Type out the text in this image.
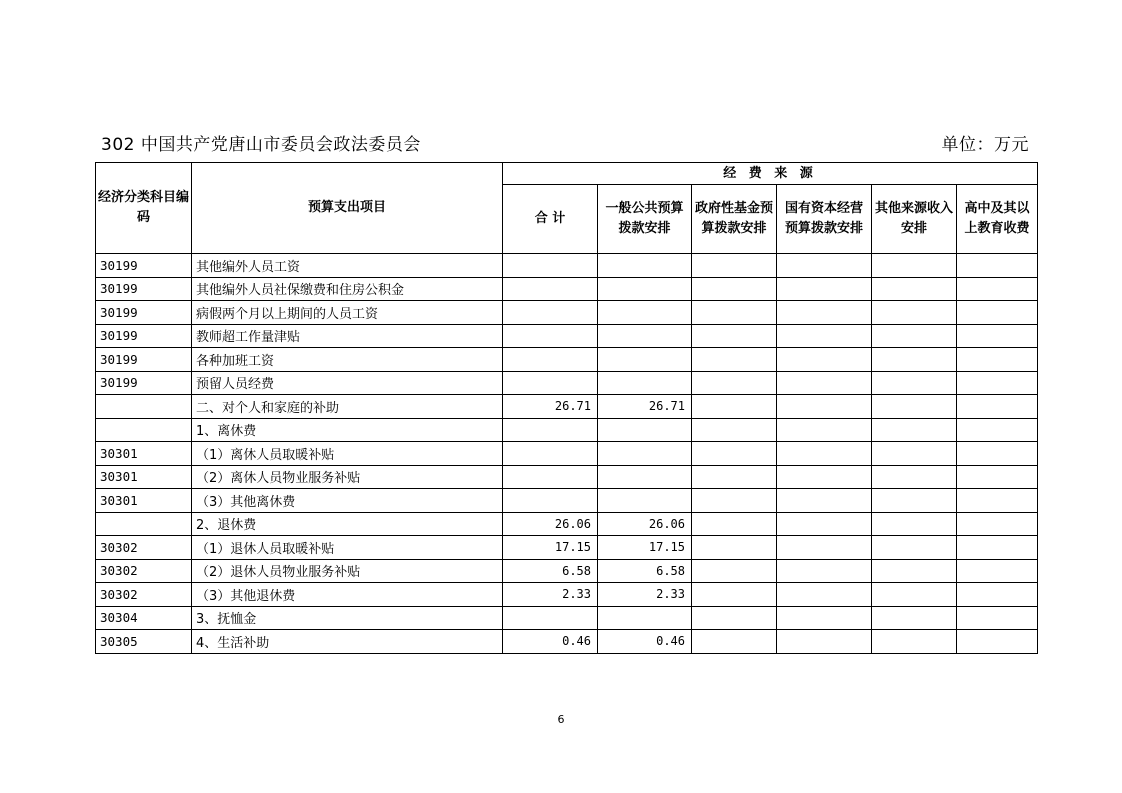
302 中国共产党唐山市委员会政法委员会	单位：万元
经济分类科目编码	预算支出项目	经 费 来 源					
		合 计	一般公共预算拨款安排	政府性基金预算拨款安排	国有资本经营预算拨款安排	其他来源收入安排	高中及其以上教育收费
30199	其他编外人员工资						
30199	其他编外人员社保缴费和住房公积金						
30199	病假两个月以上期间的人员工资						
30199	教师超工作量津贴						
30199	各种加班工资						
30199	预留人员经费						
	二、对个人和家庭的补助	26.71	26.71				
	1、离休费						
30301	（1）离休人员取暖补贴						
30301	（2）离休人员物业服务补贴						
30301	（3）其他离休费						
	2、退休费	26.06	26.06				
30302	（1）退休人员取暖补贴	17.15	17.15				
30302	（2）退休人员物业服务补贴	6.58	6.58				
30302	（3）其他退休费	2.33	2.33				
30304	3、抚恤金						
30305	4、生活补助	0.46	0.46				
6
